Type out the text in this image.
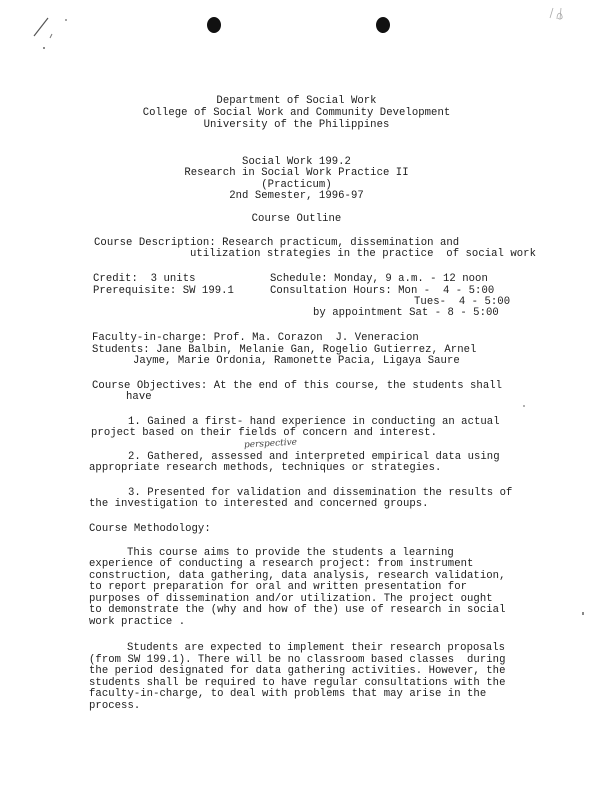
Department of Social Work
College of Social Work and Community Development
University of the Philippines
Social Work 199.2
Research in Social Work Practice II
(Practicum)
2nd Semester, 1996-97
Course Outline
Course Description: Research practicum, dissemination and
utilization strategies in the practice  of social work
Credit:  3 units	Schedule: Monday, 9 a.m. - 12 noon
Prerequisite: SW 199.1	Consultation Hours: Mon -  4 - 5:00
Tues-  4 - 5:00
by appointment Sat - 8 - 5:00
Faculty-in-charge: Prof. Ma. Corazon  J. Veneracion
Students: Jane Balbin, Melanie Gan, Rogelio Gutierrez, Arnel
Jayme, Marie Ordonia, Ramonette Pacia, Ligaya Saure
Course Objectives: At the end of this course, the students shall
have
1. Gained a first- hand experience in conducting an actual
project based on their fields of concern and interest.
perspective
2. Gathered, assessed and interpreted empirical data using
appropriate research methods, techniques or strategies.
3. Presented for validation and dissemination the results of
the investigation to interested and concerned groups.
Course Methodology:
This course aims to provide the students a learning
experience of conducting a research project: from instrument
construction, data gathering, data analysis, research validation,
to report preparation for oral and written presentation for
purposes of dissemination and/or utilization. The project ought
to demonstrate the (why and how of the) use of research in social
work practice .
Students are expected to implement their research proposals
(from SW 199.1). There will be no classroom based classes  during
the period designated for data gathering activities. However, the
students shall be required to have regular consultations with the
faculty-in-charge, to deal with problems that may arise in the
process.
